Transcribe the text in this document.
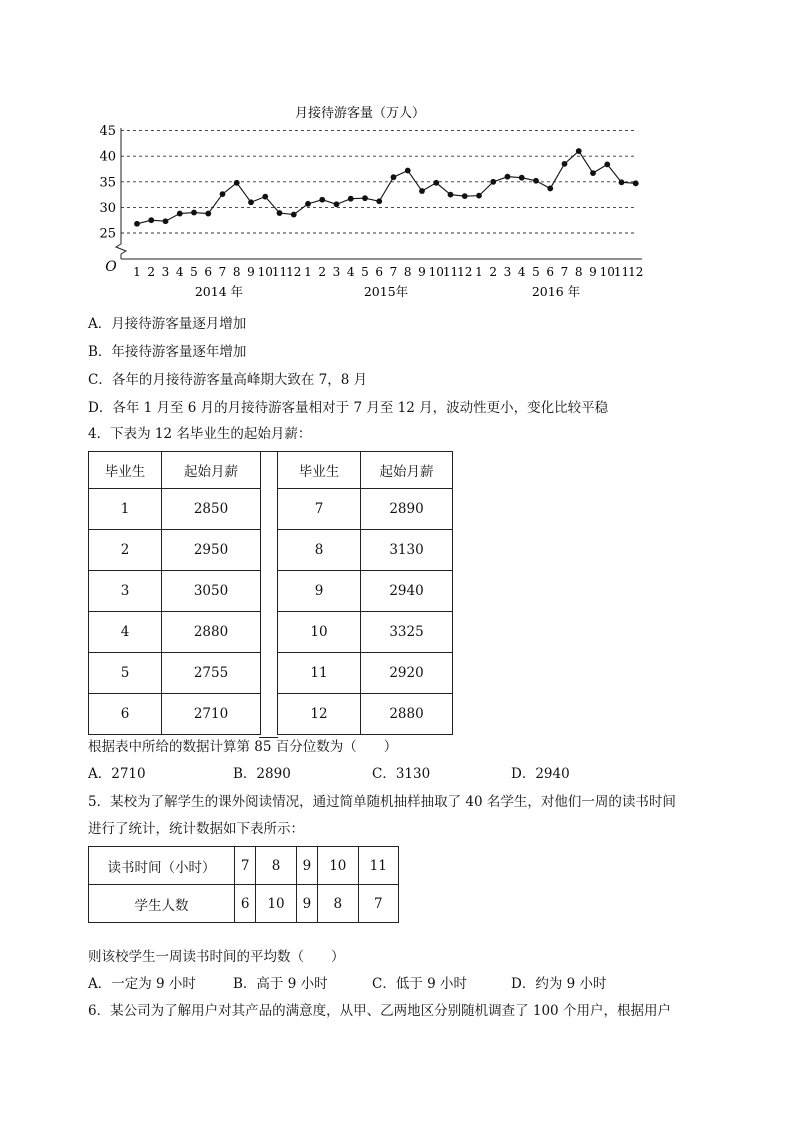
25
30
35
40
45
1 2 3 4 5 6 7 8 9 10
11
12 1 2 3 4 5 6 7 8 9 10
11
12 1 2 3 4 5 6 7 8 9 10
11
12
2014 年	2015年	2016 年
月接待游客量（万人）
O
A．月接待游客量逐月增加
B．年接待游客量逐年增加
C．各年的月接待游客量高峰期大致在 7，8 月
D．各年 1 月至 6 月的月接待游客量相对于 7 月至 12 月，波动性更小，变化比较平稳
4．下表为 12 名毕业生的起始月薪：
毕业生	起始月薪
1	2850
2	2950
3	3050
4	2880
5	2755
6	2710
毕业生	起始月薪
7	2890
8	3130
9	2940
10	3325
11	2920
12	2880
根据表中所给的数据计算第 85 百分位数为（　　）
A．2710	B．2890	C．3130	D．2940
5．某校为了解学生的课外阅读情况，通过简单随机抽样抽取了 40 名学生，对他们一周的读书时间
进行了统计，统计数据如下表所示：
读书时间（小时）	7	8	9	10	11
学生人数	6	10	9	8	7
则该校学生一周读书时间的平均数（　　）
A．一定为 9 小时	B．高于 9 小时	C．低于 9 小时	D．约为 9 小时
6．某公司为了解用户对其产品的满意度，从甲、乙两地区分别随机调查了 100 个用户，根据用户
